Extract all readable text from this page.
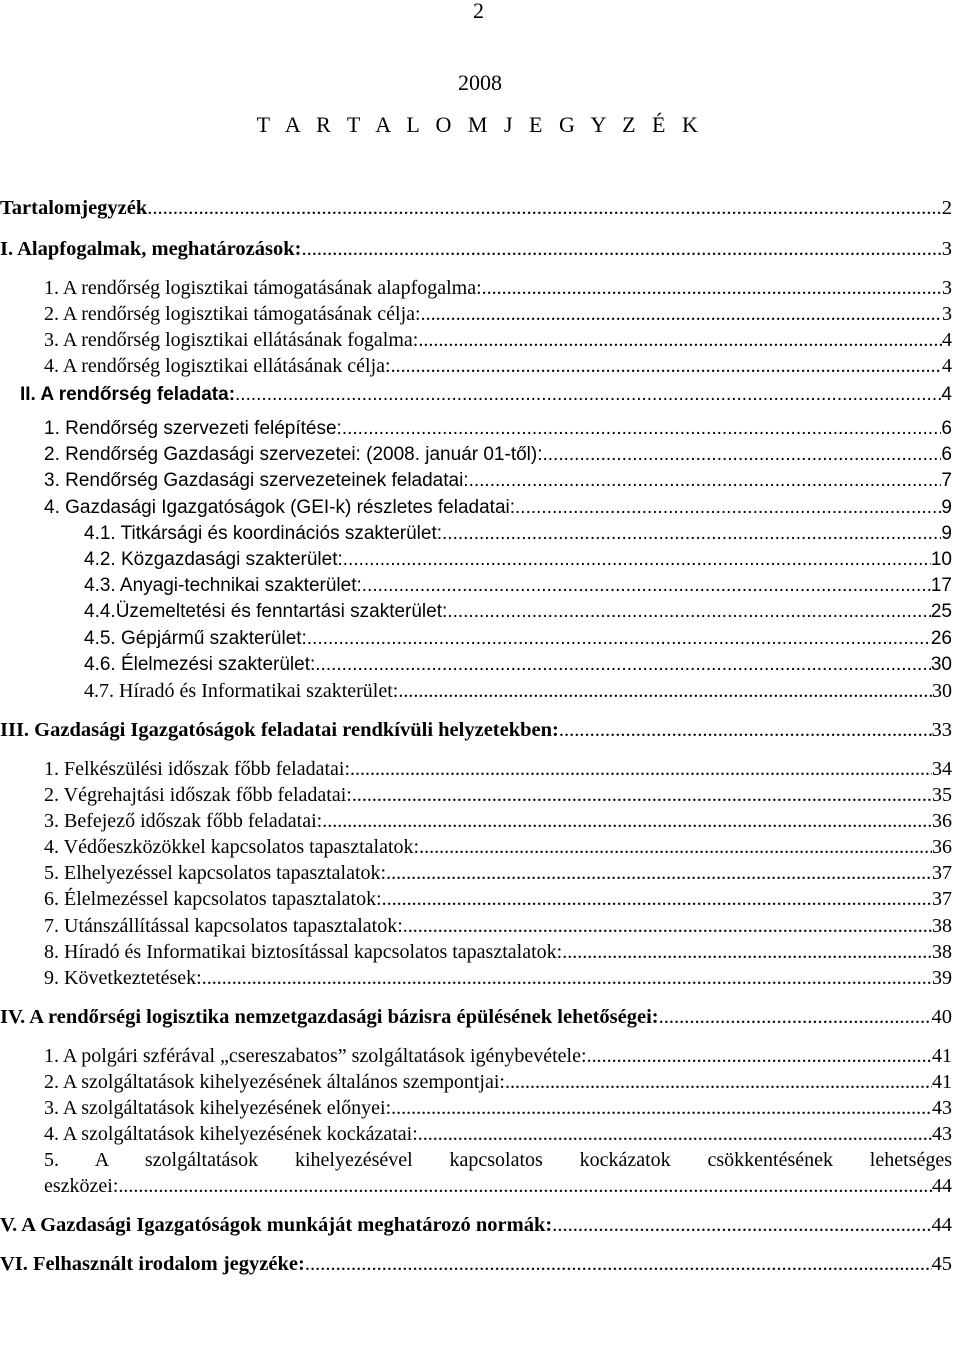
2
2008
T A R T A L O M J E G Y Z É K
Tartalomjegyzék .....	2
I. Alapfogalmak, meghatározások: .....	3
1. A rendőrség logisztikai támogatásának alapfogalma: .....	3
2. A rendőrség logisztikai támogatásának célja: .....	3
3. A rendőrség logisztikai ellátásának fogalma: .....	4
4. A rendőrség logisztikai ellátásának célja: .....	4
II. A rendőrség feladata: .....	4
1. Rendőrség szervezeti felépítése: .....	6
2. Rendőrség Gazdasági szervezetei: (2008. január 01-től): .....	6
3. Rendőrség Gazdasági szervezeteinek feladatai: .....	7
4. Gazdasági Igazgatóságok (GEI-k) részletes feladatai: .....	9
4.1. Titkársági és koordinációs szakterület: .....	9
4.2. Közgazdasági szakterület: .....	10
4.3. Anyagi-technikai szakterület: .....	17
4.4.Üzemeltetési és fenntartási szakterület: .....	25
4.5. Gépjármű szakterület: .....	26
4.6. Élelmezési szakterület: .....	30
4.7. Híradó és Informatikai szakterület: .....	30
III. Gazdasági Igazgatóságok feladatai rendkívüli helyzetekben: .....	33
1. Felkészülési időszak főbb feladatai: .....	34
2. Végrehajtási időszak főbb feladatai: .....	35
3. Befejező időszak főbb feladatai: .....	36
4. Védőeszközökkel kapcsolatos tapasztalatok: .....	36
5. Elhelyezéssel kapcsolatos tapasztalatok: .....	37
6. Élelmezéssel kapcsolatos tapasztalatok: .....	37
7. Utánszállítással kapcsolatos tapasztalatok: .....	38
8. Híradó és Informatikai biztosítással kapcsolatos tapasztalatok: .....	38
9. Következtetések: .....	39
IV. A rendőrségi logisztika nemzetgazdasági bázisra épülésének lehetőségei: .....	40
1. A polgári szférával „csereszabatos” szolgáltatások igénybevétele: .....	41
2. A szolgáltatások kihelyezésének általános szempontjai: .....	41
3. A szolgáltatások kihelyezésének előnyei: .....	43
4. A szolgáltatások kihelyezésének kockázatai: .....	43
5. A szolgáltatások kihelyezésével kapcsolatos kockázatok csökkentésének lehetséges
eszközei: .....	44
V. A Gazdasági Igazgatóságok munkáját meghatározó normák: .....	44
VI. Felhasznált irodalom jegyzéke: .....	45
